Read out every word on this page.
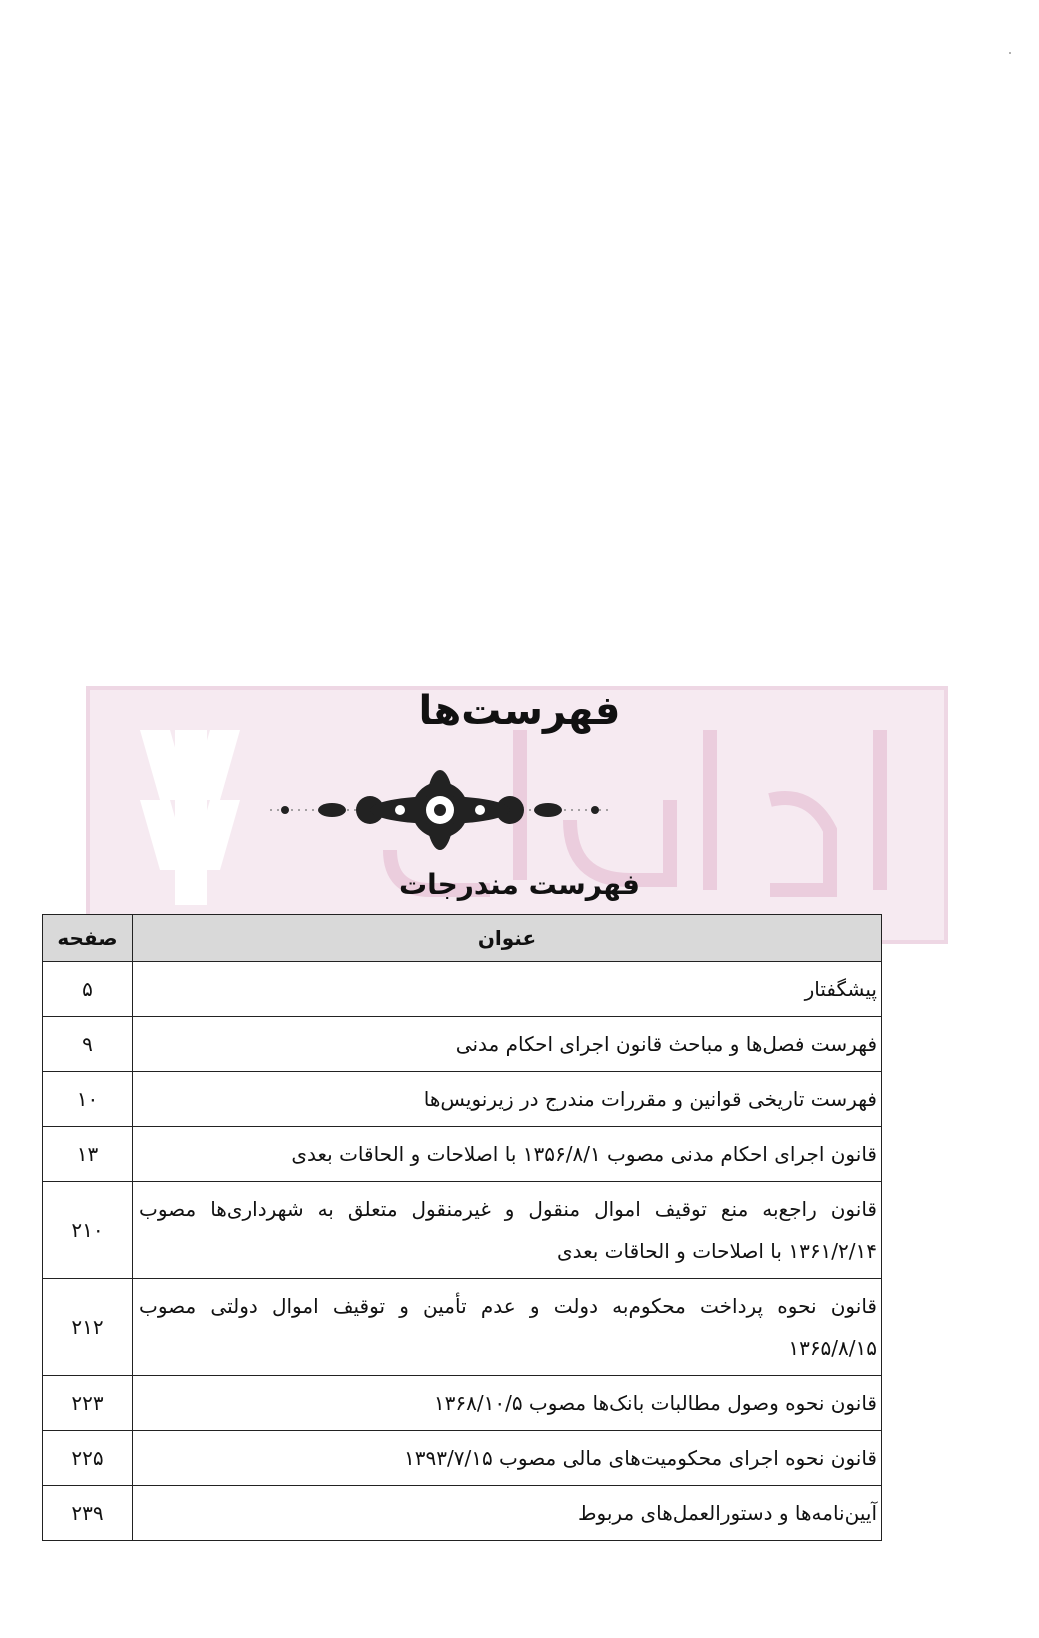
فهرست‌ها
فهرست مندرجات
عنوان	صفحه
پیشگفتار	۵
فهرست فصل‌ها و مباحث قانون اجرای احکام مدنی	۹
فهرست تاریخی قوانین و مقررات مندرج در زیرنویس‌ها	۱۰
قانون اجرای احکام مدنی مصوب ۱۳۵۶/۸/۱ با اصلاحات و الحاقات بعدی	۱۳
قانون راجع‌به منع توقیف اموال منقول و غیرمنقول متعلق به شهرداری‌ها مصوب ۱۳۶۱/۲/۱۴ با اصلاحات و الحاقات بعدی	۲۱۰
قانون نحوه پرداخت محکوم‌به دولت و عدم تأمین و توقیف اموال دولتی مصوب ۱۳۶۵/۸/۱۵	۲۱۲
قانون نحوه وصول مطالبات بانک‌ها مصوب ۱۳۶۸/۱۰/۵	۲۲۳
قانون نحوه اجرای محکومیت‌های مالی مصوب ۱۳۹۳/۷/۱۵	۲۲۵
آیین‌نامه‌ها و دستورالعمل‌های مربوط	۲۳۹
